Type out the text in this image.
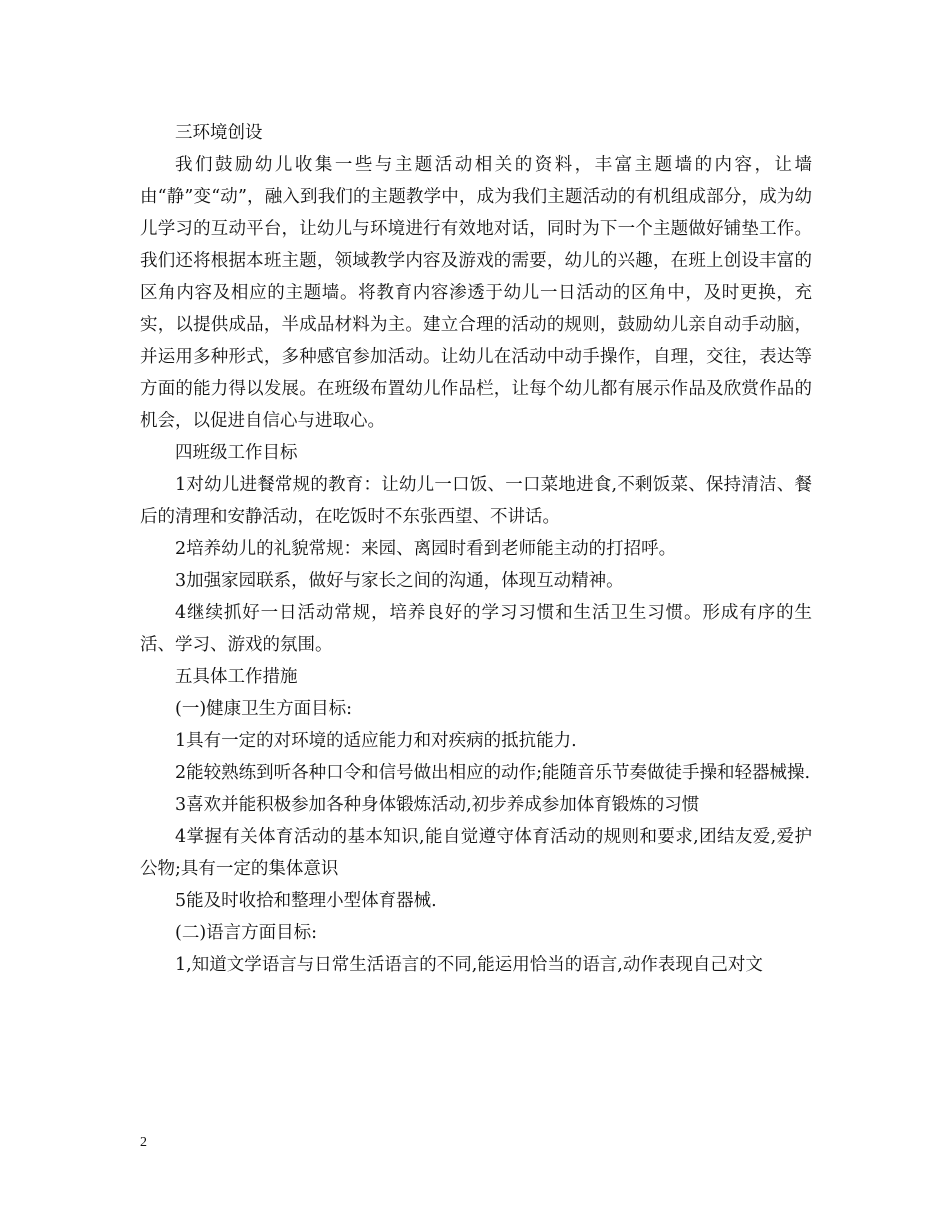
三环境创设

我们鼓励幼儿收集一些与主题活动相关的资料，丰富主题墙的内容，让墙由“静”变“动”，融入到我们的主题教学中，成为我们主题活动的有机组成部分，成为幼儿学习的互动平台，让幼儿与环境进行有效地对话，同时为下一个主题做好铺垫工作。我们还将根据本班主题，领域教学内容及游戏的需要，幼儿的兴趣，在班上创设丰富的区角内容及相应的主题墙。将教育内容渗透于幼儿一日活动的区角中，及时更换，充实，以提供成品，半成品材料为主。建立合理的活动的规则，鼓励幼儿亲自动手动脑，并运用多种形式，多种感官参加活动。让幼儿在活动中动手操作，自理，交往，表达等方面的能力得以发展。在班级布置幼儿作品栏，让每个幼儿都有展示作品及欣赏作品的机会，以促进自信心与进取心。

四班级工作目标

1对幼儿进餐常规的教育：让幼儿一口饭、一口菜地进食,不剩饭菜、保持清洁、餐后的清理和安静活动，在吃饭时不东张西望、不讲话。

2培养幼儿的礼貌常规：来园、离园时看到老师能主动的打招呼。

3加强家园联系，做好与家长之间的沟通，体现互动精神。

4继续抓好一日活动常规，培养良好的学习习惯和生活卫生习惯。形成有序的生活、学习、游戏的氛围。

五具体工作措施

(一)健康卫生方面目标:

1具有一定的对环境的适应能力和对疾病的抵抗能力.

2能较熟练到听各种口令和信号做出相应的动作;能随音乐节奏做徒手操和轻器械操.

3喜欢并能积极参加各种身体锻炼活动,初步养成参加体育锻炼的习惯

4掌握有关体育活动的基本知识,能自觉遵守体育活动的规则和要求,团结友爱,爱护公物;具有一定的集体意识

5能及时收拾和整理小型体育器械.

(二)语言方面目标:

1,知道文学语言与日常生活语言的不同,能运用恰当的语言,动作表现自己对文

2
